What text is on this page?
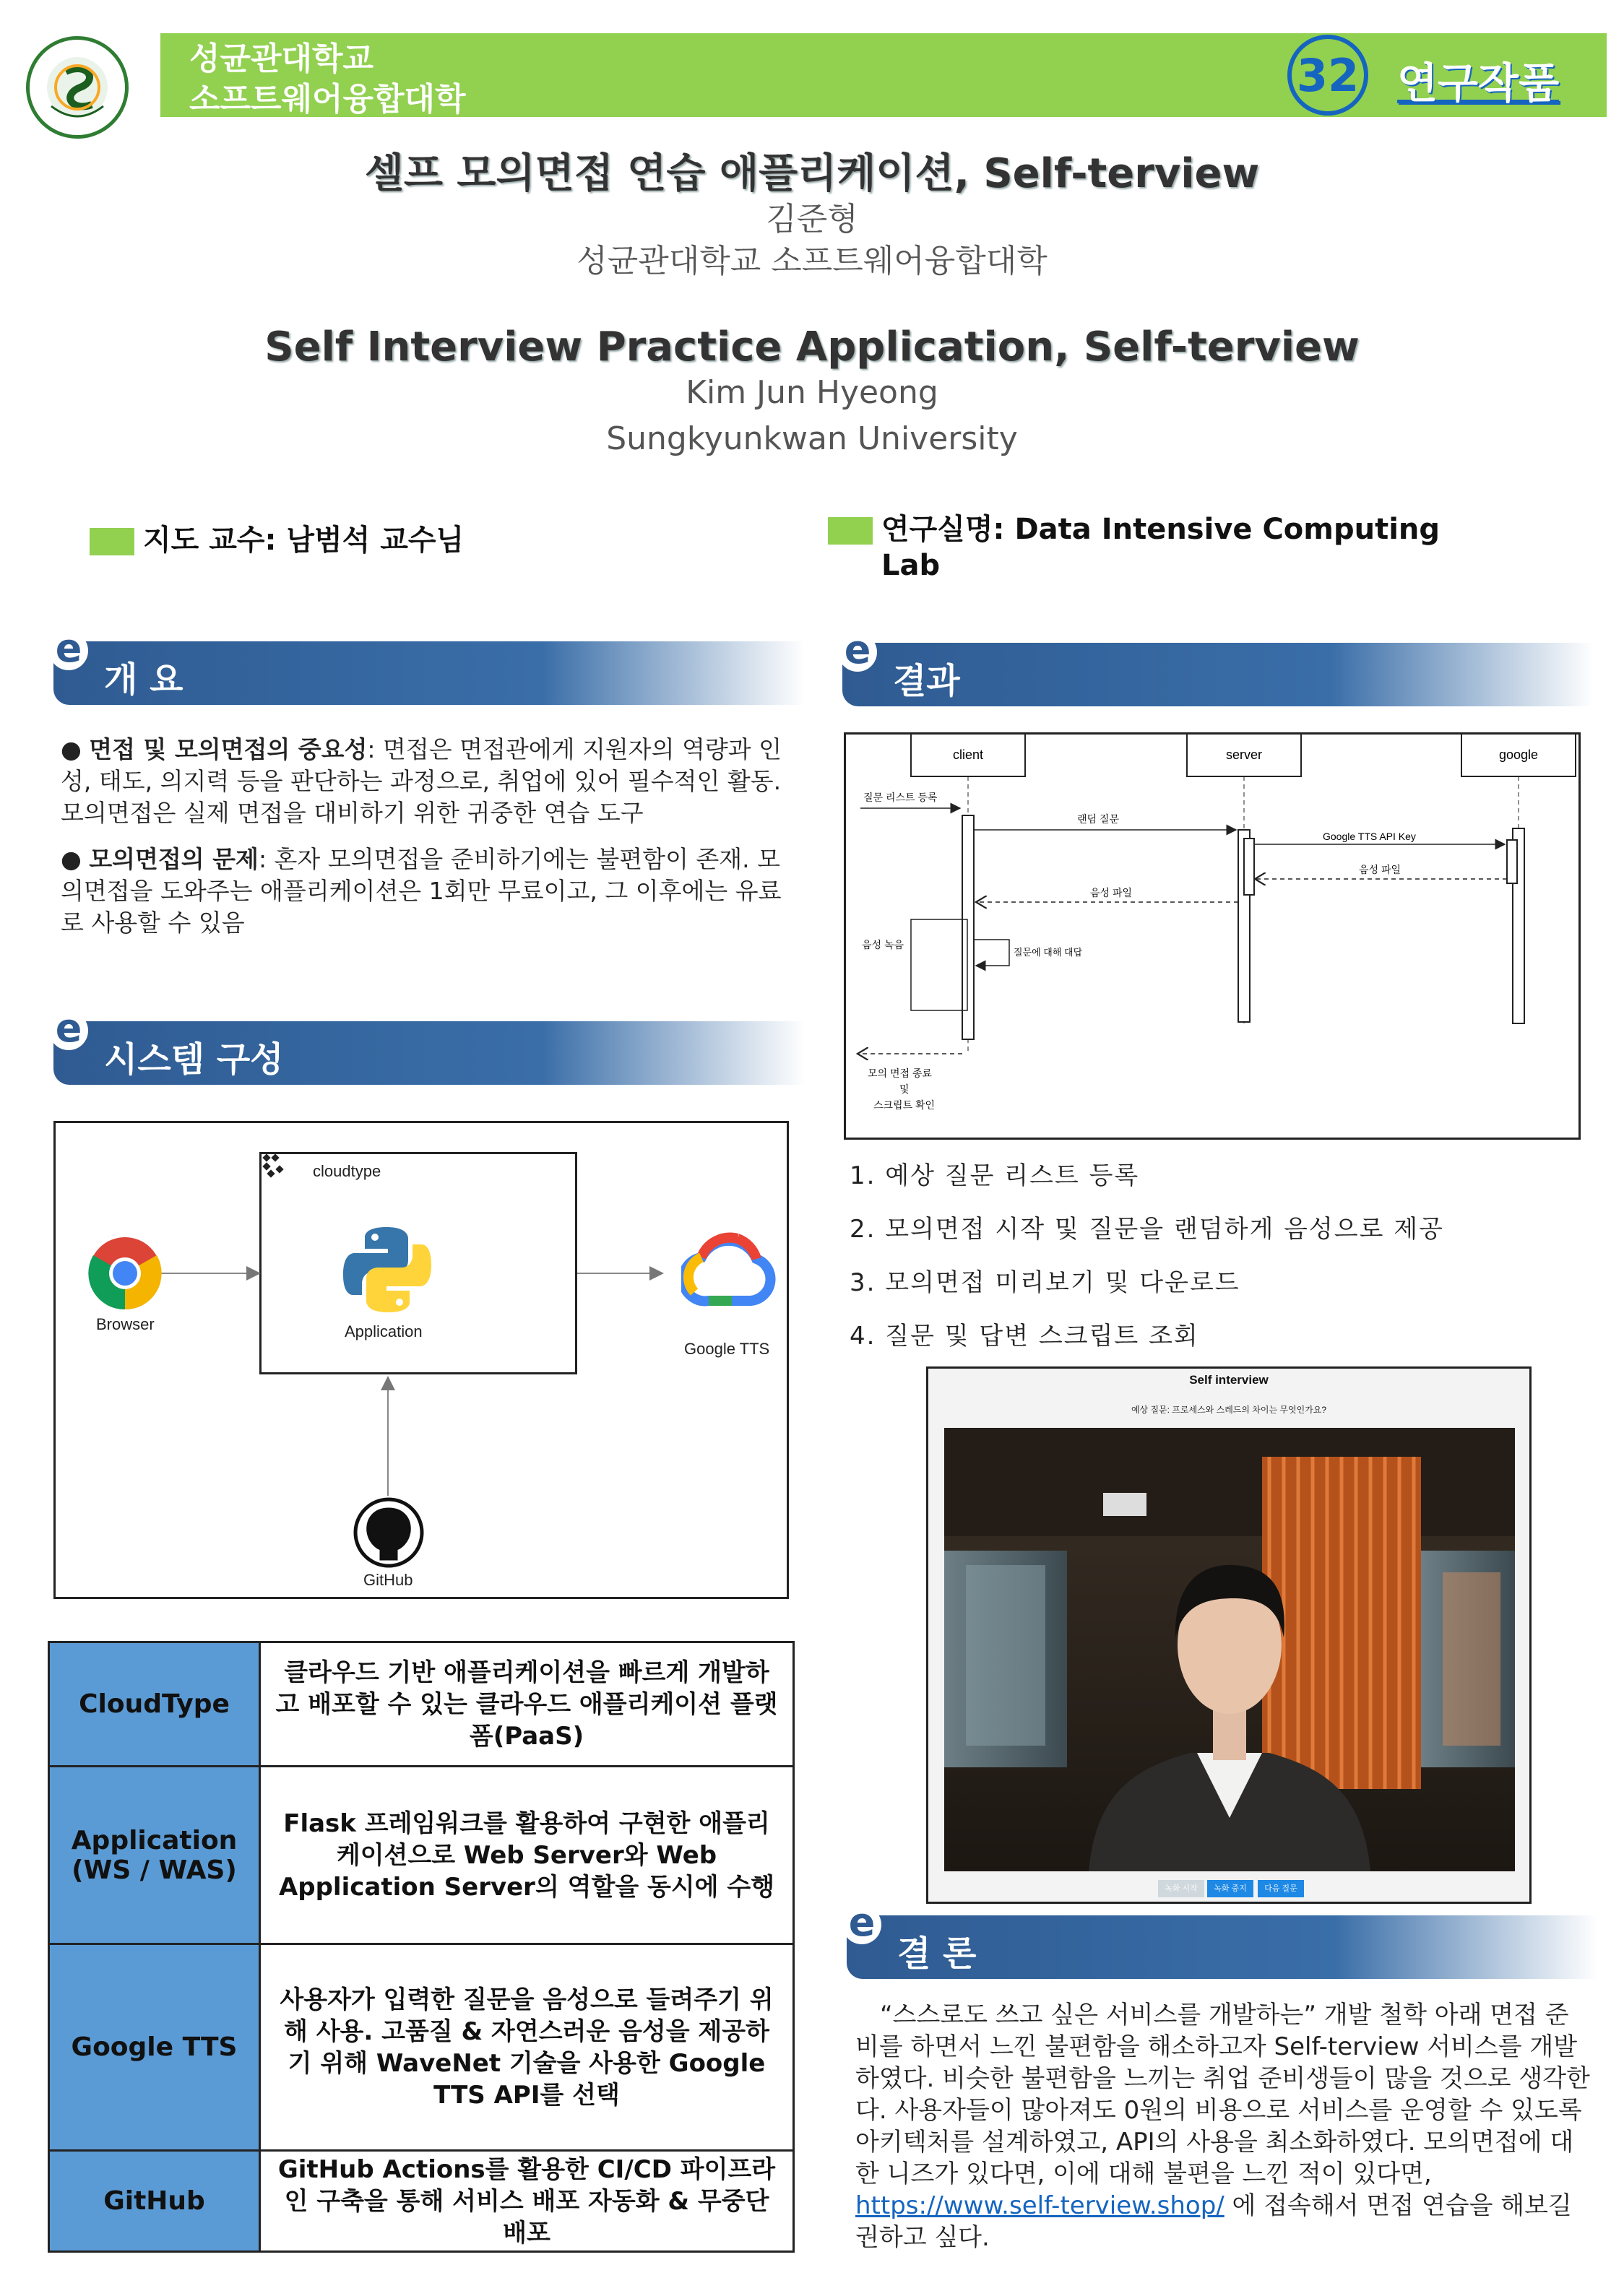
성균관대학교
소프트웨어융합대학	32 연구작품
셀프 모의면접 연습 애플리케이션, Self-terview
김준형
성균관대학교 소프트웨어융합대학
Self Interview Practice Application, Self-terview
Kim Jun Hyeong
Sungkyunkwan University
지도 교수: 남범석 교수님	연구실명: Data Intensive Computing
Lab
e
개 요

● 면접 및 모의면접의 중요성: 면접은 면접관에게 지원자의 역량과 인성, 태도, 의지력 등을 판단하는 과정으로, 취업에 있어 필수적인 활동. 모의면접은 실제 면접을 대비하기 위한 귀중한 연습 도구

● 모의면접의 문제: 혼자 모의면접을 준비하기에는 불편함이 존재. 모의면접을 도와주는 애플리케이션은 1회만 무료이고, 그 이후에는 유료로 사용할 수 있음

e
시스템 구성
cloudtype
Browser	Application
Google TTS
GitHub
CloudType	클라우드 기반 애플리케이션을 빠르게 개발하고 배포할 수 있는 클라우드 애플리케이션 플랫폼(PaaS)
Application (WS / WAS)	Flask 프레임워크를 활용하여 구현한 애플리케이션으로 Web Server와 Web Application Server의 역할을 동시에 수행
Google TTS	사용자가 입력한 질문을 음성으로 들려주기 위해 사용. 고품질 & 자연스러운 음성을 제공하기 위해 WaveNet 기술을 사용한 Google TTS API를 선택
GitHub	GitHub Actions를 활용한 CI/CD 파이프라인 구축을 통해 서비스 배포 자동화 & 무중단 배포
e
결과
client	server	google
질문 리스트 등록
랜덤 질문
Google TTS API Key
음성 파일
음성 파일
음성 녹음
질문에 대해 대답
모의 면접 종료
및
스크립트 확인
1. 예상 질문 리스트 등록
2. 모의면접 시작 및 질문을 랜덤하게 음성으로 제공
3. 모의면접 미리보기 및 다운로드
4. 질문 및 답변 스크립트 조회
Self interview
예상 질문: 프로세스와 스레드의 차이는 무엇인가요?
녹화 시작	녹화 중지	다음 질문
e
결 론
“스스로도 쓰고 싶은 서비스를 개발하는” 개발 철학 아래 면접 준비를 하면서 느낀 불편함을 해소하고자 Self-terview 서비스를 개발하였다. 비슷한 불편함을 느끼는 취업 준비생들이 많을 것으로 생각한다. 사용자들이 많아져도 0원의 비용으로 서비스를 운영할 수 있도록 아키텍처를 설계하였고, API의 사용을 최소화하였다. 모의면접에 대한 니즈가 있다면, 이에 대해 불편을 느낀 적이 있다면, https://www.self-terview.shop/ 에 접속해서 면접 연습을 해보길 권하고 싶다.
